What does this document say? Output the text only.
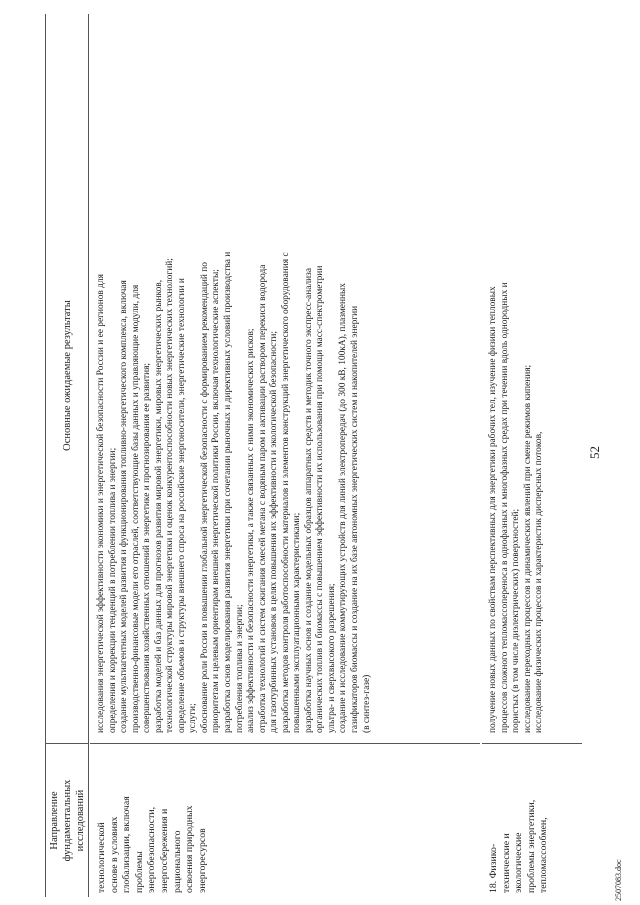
52
Направление фундаментальных исследований
Основные ожидаемые результаты
технологической основе в условиях глобализации, включая проблемы энергобезопасности, энергосбережения и рационального освоения природных энергоресурсов
исследования энергетической эффективности экономики и энергетической безопасности России и ее регионов для определения и коррекции тенденций в потреблении топлива и энергии; создание мультиагентных моделей развития и функционирования топливно-энергетического комплекса, включая производственно-финансовые модели его отраслей, соответствующие базы данных и управляющие модули, для совершенствования хозяйственных отношений в энергетике и прогнозирования ее развития; разработка моделей и баз данных для прогнозов развития мировой энергетики, мировых энергетических рынков, технологической структуры мировой энергетики и оценок конкурентоспособности новых энергетических технологий; определение объемов и структуры внешнего спроса на российские энергоносители, энергетические технологии и услуги; обоснование роли России в повышении глобальной энергетической безопасности с формированием рекомендаций по приоритетам и целевым ориентирам внешней энергетической политики России, включая технологические аспекты; разработка основ моделирования развития энергетики при сочетании рыночных и директивных условий производства и потребления топлива и энергии; анализ эффективности и безопасности энергетики, а также связанных с ними экономических рисков; отработка технологий и систем сжигания смесей метана с водяным паром и активации раствором перекиси водорода для газотурбинных установок в целях повышения их эффективности и экологической безопасности; разработка методов контроля работоспособности материалов и элементов конструкций энергетического оборудования с повышенными эксплуатационными характеристиками; разработка научных основ и создание модельных образцов аппаратных средств и методик точного экспресс-анализа органических топлив и биомассы с повышением эффективности их использования при помощи масс-спектрометрии ультра- и сверхвысокого разрешения; создание и исследование коммутирующих устройств для линий электропередач (до 300 кВ, 100кА), плазменных газификаторов биомассы и создание на их базе автономных энергетических систем и накопителей энергии (в синтез-газе)
18. Физико- технические и экологические проблемы энергетики, тепломассообмен,
получение новых данных по свойствам перспективных для энергетики рабочих тел, изучение физики тепловых процессов сложного тепломассопереноса в однофазных и многофазных средах при течении вдоль однородных и пористых (в том числе диэлектрических) поверхностей; исследование переходных процессов и динамических явлений при смене режимов кипения; исследование физических процессов и характеристик дисперсных потоков,
2507083.doc
